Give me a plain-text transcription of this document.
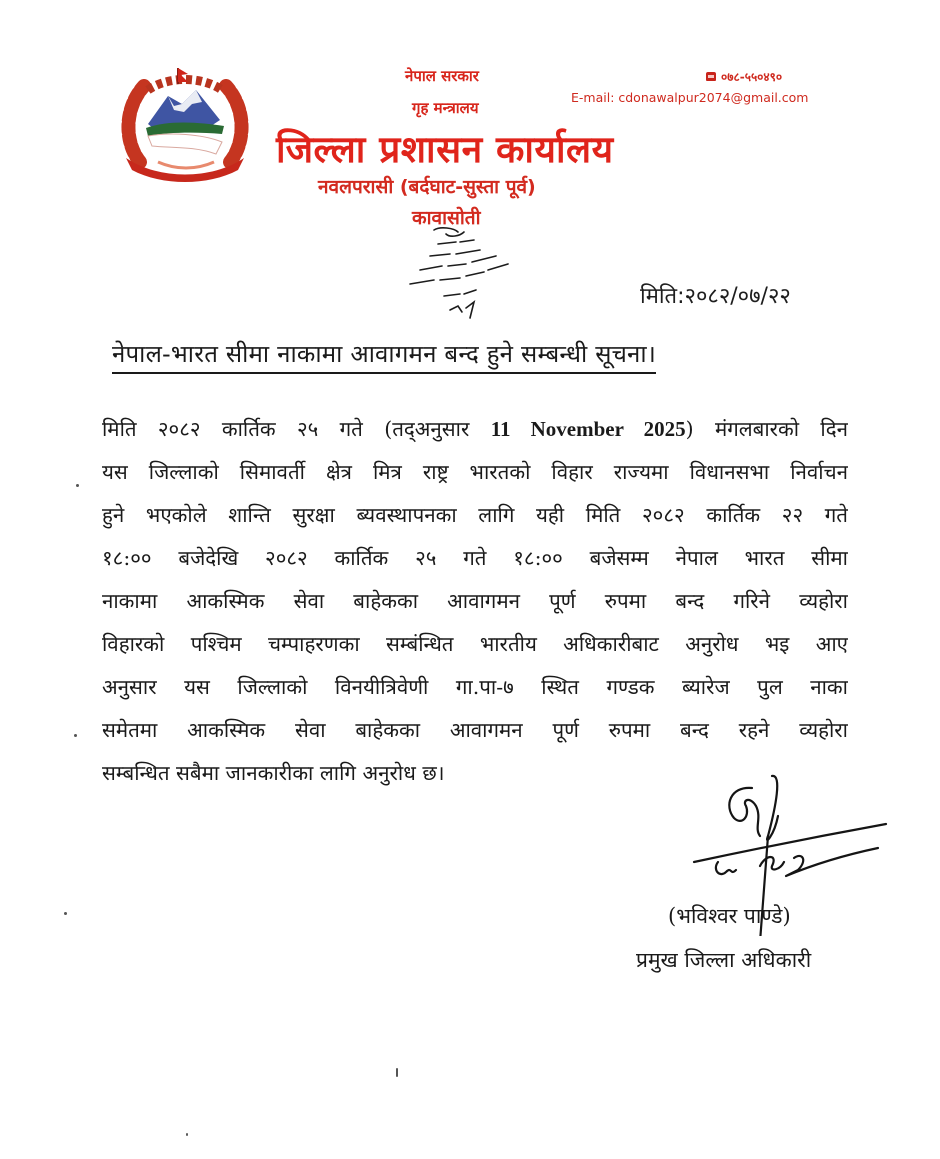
नेपाल सरकार
गृह मन्त्रालय
जिल्ला प्रशासन कार्यालय
नवलपरासी (बर्दघाट-सुस्ता पूर्व)
कावासोती
०७८-५५०४९०
E-mail: cdonawalpur2074@gmail.com
मिति:२०८२/०७/२२
नेपाल-भारत सीमा नाकामा आवागमन बन्द हुने सम्बन्धी सूचना।
मिति २०८२ कार्तिक २५ गते (तद्अनुसार 11 November 2025) मंगलबारको दिन
यस जिल्लाको सिमावर्ती क्षेत्र मित्र राष्ट्र भारतको विहार राज्यमा विधानसभा निर्वाचन
हुने भएकोले शान्ति सुरक्षा ब्यवस्थापनका लागि यही मिति २०८२ कार्तिक २२ गते
१८:०० बजेदेखि २०८२ कार्तिक २५ गते १८:०० बजेसम्म नेपाल भारत सीमा
नाकामा आकस्मिक सेवा बाहेकका आवागमन पूर्ण रुपमा बन्द गरिने व्यहोरा
विहारको पश्चिम चम्पाहरणका सम्बंन्धित भारतीय अधिकारीबाट अनुरोध भइ आए
अनुसार यस जिल्लाको विनयीत्रिवेणी गा.पा-७ स्थित गण्डक ब्यारेज पुल नाका
समेतमा आकस्मिक सेवा बाहेकका आवागमन पूर्ण रुपमा बन्द रहने व्यहोरा
सम्बन्धित सबैमा जानकारीका लागि अनुरोध छ।
(भविश्वर पाण्डे)
प्रमुख जिल्ला अधिकारी
